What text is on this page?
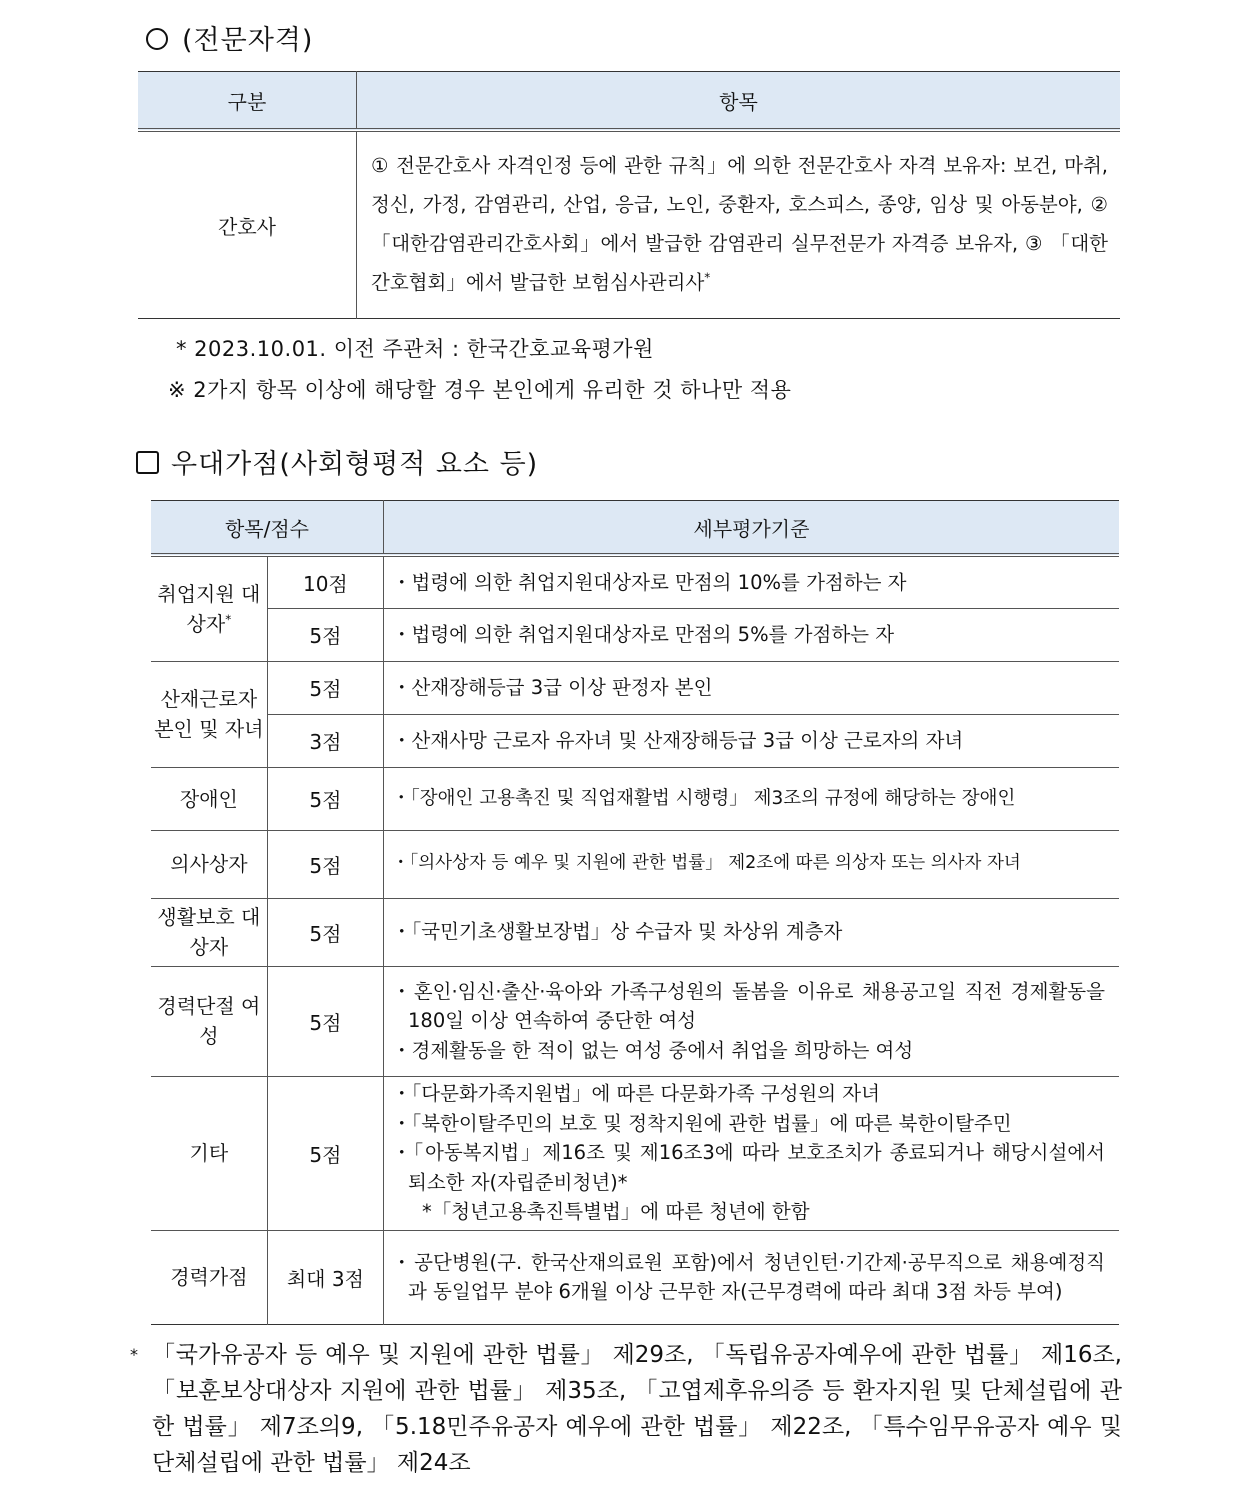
(전문자격)
구분	항목
간호사	① 전문간호사 자격인정 등에 관한 규칙」에 의한 전문간호사 자격 보유자: 보건, 마취, 정신, 가정, 감염관리, 산업, 응급, 노인, 중환자, 호스피스, 종양, 임상 및 아동분야, ② 「대한감염관리간호사회」에서 발급한 감염관리 실무전문가 자격증 보유자, ③ 「대한간호협회」에서 발급한 보험심사관리사*
* 2023.10.01. 이전 주관처 : 한국간호교육평가원
※ 2가지 항목 이상에 해당할 경우 본인에게 유리한 것 하나만 적용
우대가점(사회형평적 요소 등)
항목/점수		세부평가기준
취업지원 대상자*	10점	・법령에 의한 취업지원대상자로 만점의 10%를 가점하는 자
	5점	・법령에 의한 취업지원대상자로 만점의 5%를 가점하는 자
산재근로자 본인 및 자녀	5점	・산재장해등급 3급 이상 판정자 본인
	3점	・산재사망 근로자 유자녀 및 산재장해등급 3급 이상 근로자의 자녀
장애인	5점	・「장애인 고용촉진 및 직업재활법 시행령」 제3조의 규정에 해당하는 장애인
의사상자	5점	・「의사상자 등 예우 및 지원에 관한 법률」 제2조에 따른 의상자 또는 의사자 자녀
생활보호 대상자	5점	・「국민기초생활보장법」상 수급자 및 차상위 계층자
경력단절 여성	5점	・혼인·임신·출산·육아와 가족구성원의 돌봄을 이유로 채용공고일 직전 경제활동을 180일 이상 연속하여 중단한 여성
・경제활동을 한 적이 없는 여성 중에서 취업을 희망하는 여성

기타	5점	・「다문화가족지원법」에 따른 다문화가족 구성원의 자녀
・「북한이탈주민의 보호 및 정착지원에 관한 법률」에 따른 북한이탈주민
・「아동복지법」제16조 및 제16조3에 따라 보호조치가 종료되거나 해당시설에서 퇴소한 자(자립준비청년)*
*「청년고용촉진특별법」에 따른 청년에 한함

경력가점	최대 3점	・공단병원(구. 한국산재의료원 포함)에서 청년인턴·기간제·공무직으로 채용예정직과 동일업무 분야 6개월 이상 근무한 자(근무경력에 따라 최대 3점 차등 부여)
* 「국가유공자 등 예우 및 지원에 관한 법률」 제29조, 「독립유공자예우에 관한 법률」 제16조, 「보훈보상대상자 지원에 관한 법률」 제35조, 「고엽제후유의증 등 환자지원 및 단체설립에 관한 법률」 제7조의9, 「5.18민주유공자 예우에 관한 법률」 제22조, 「특수임무유공자 예우 및 단체설립에 관한 법률」 제24조
